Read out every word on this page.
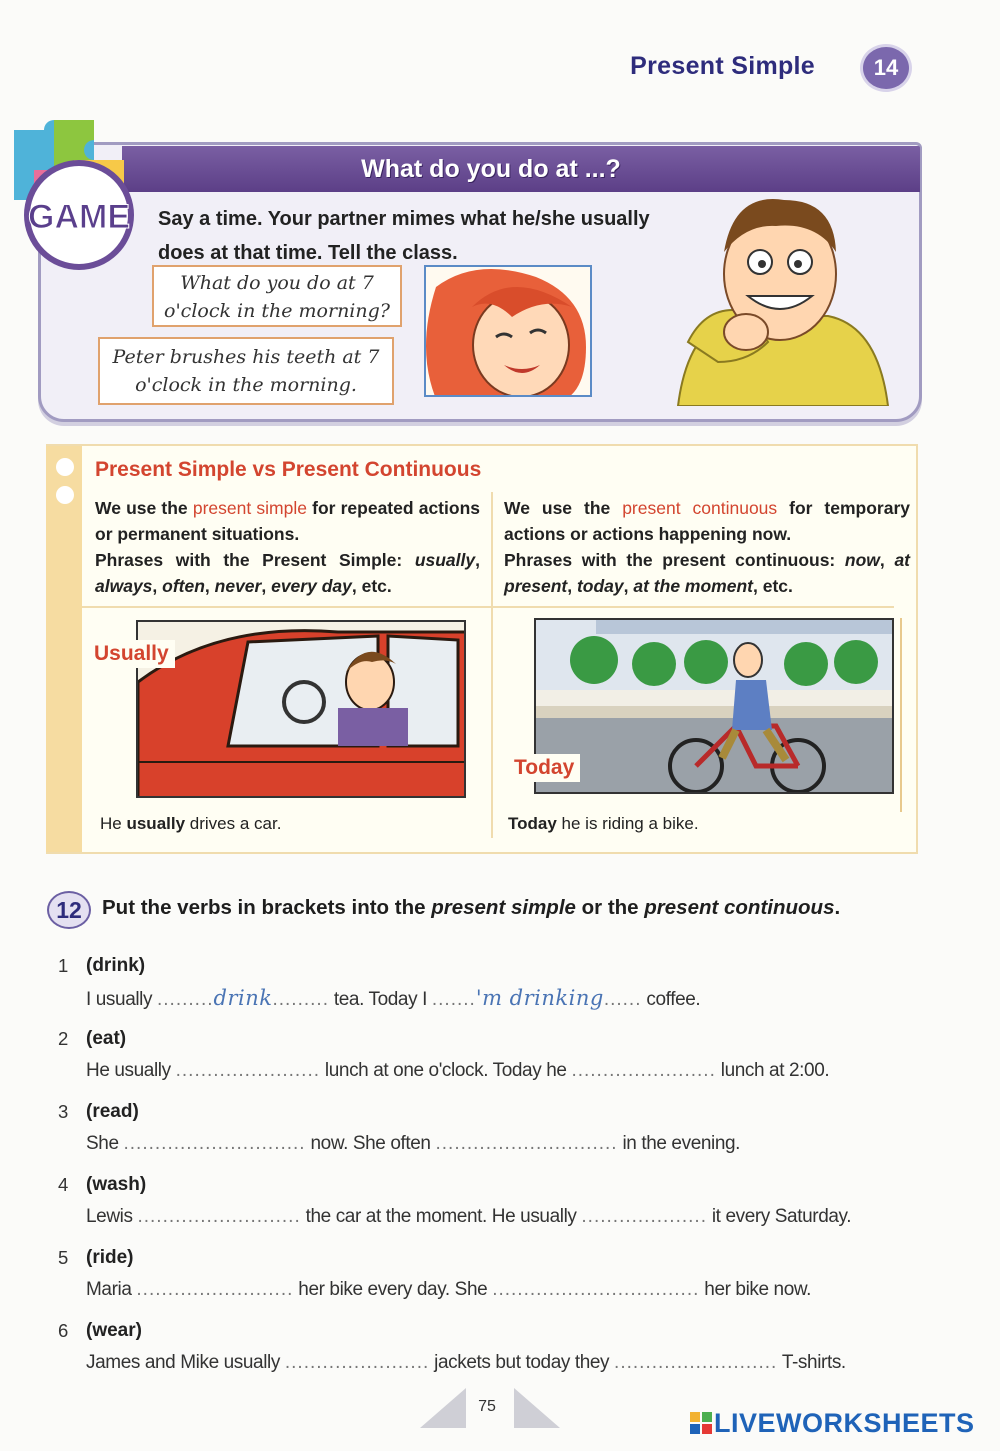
Present Simple	14
What do you do at ...?
GAME Say a time. Your partner mimes what he/she usually does at that time. Tell the class.
What do you do at 7 o'clock in the morning?
Peter brushes his teeth at 7 o'clock in the morning.
Present Simple vs Present Continuous
We use the present simple for repeated actions or permanent situations.
Phrases with the Present Simple: usually, always, often, never, every day, etc.
We use the present continuous for temporary actions or actions happening now.
Phrases with the present continuous: now, at present, today, at the moment, etc.
Usually
Today
He usually drives a car.	Today he is riding a bike.
12 Put the verbs in brackets into the present simple or the present continuous.
1 (drink)
I usually .........drink......... tea. Today I .......'m drinking...... coffee.
2 (eat)
He usually ....................... lunch at one o'clock. Today he ....................... lunch at 2:00.
3 (read)
She ............................. now. She often ............................. in the evening.
4 (wash)
Lewis .......................... the car at the moment. He usually .................... it every Saturday.
5 (ride)
Maria ......................... her bike every day. She ................................. her bike now.
6 (wear)
James and Mike usually ....................... jackets but today they .......................... T-shirts.
75
LIVEWORKSHEETS
